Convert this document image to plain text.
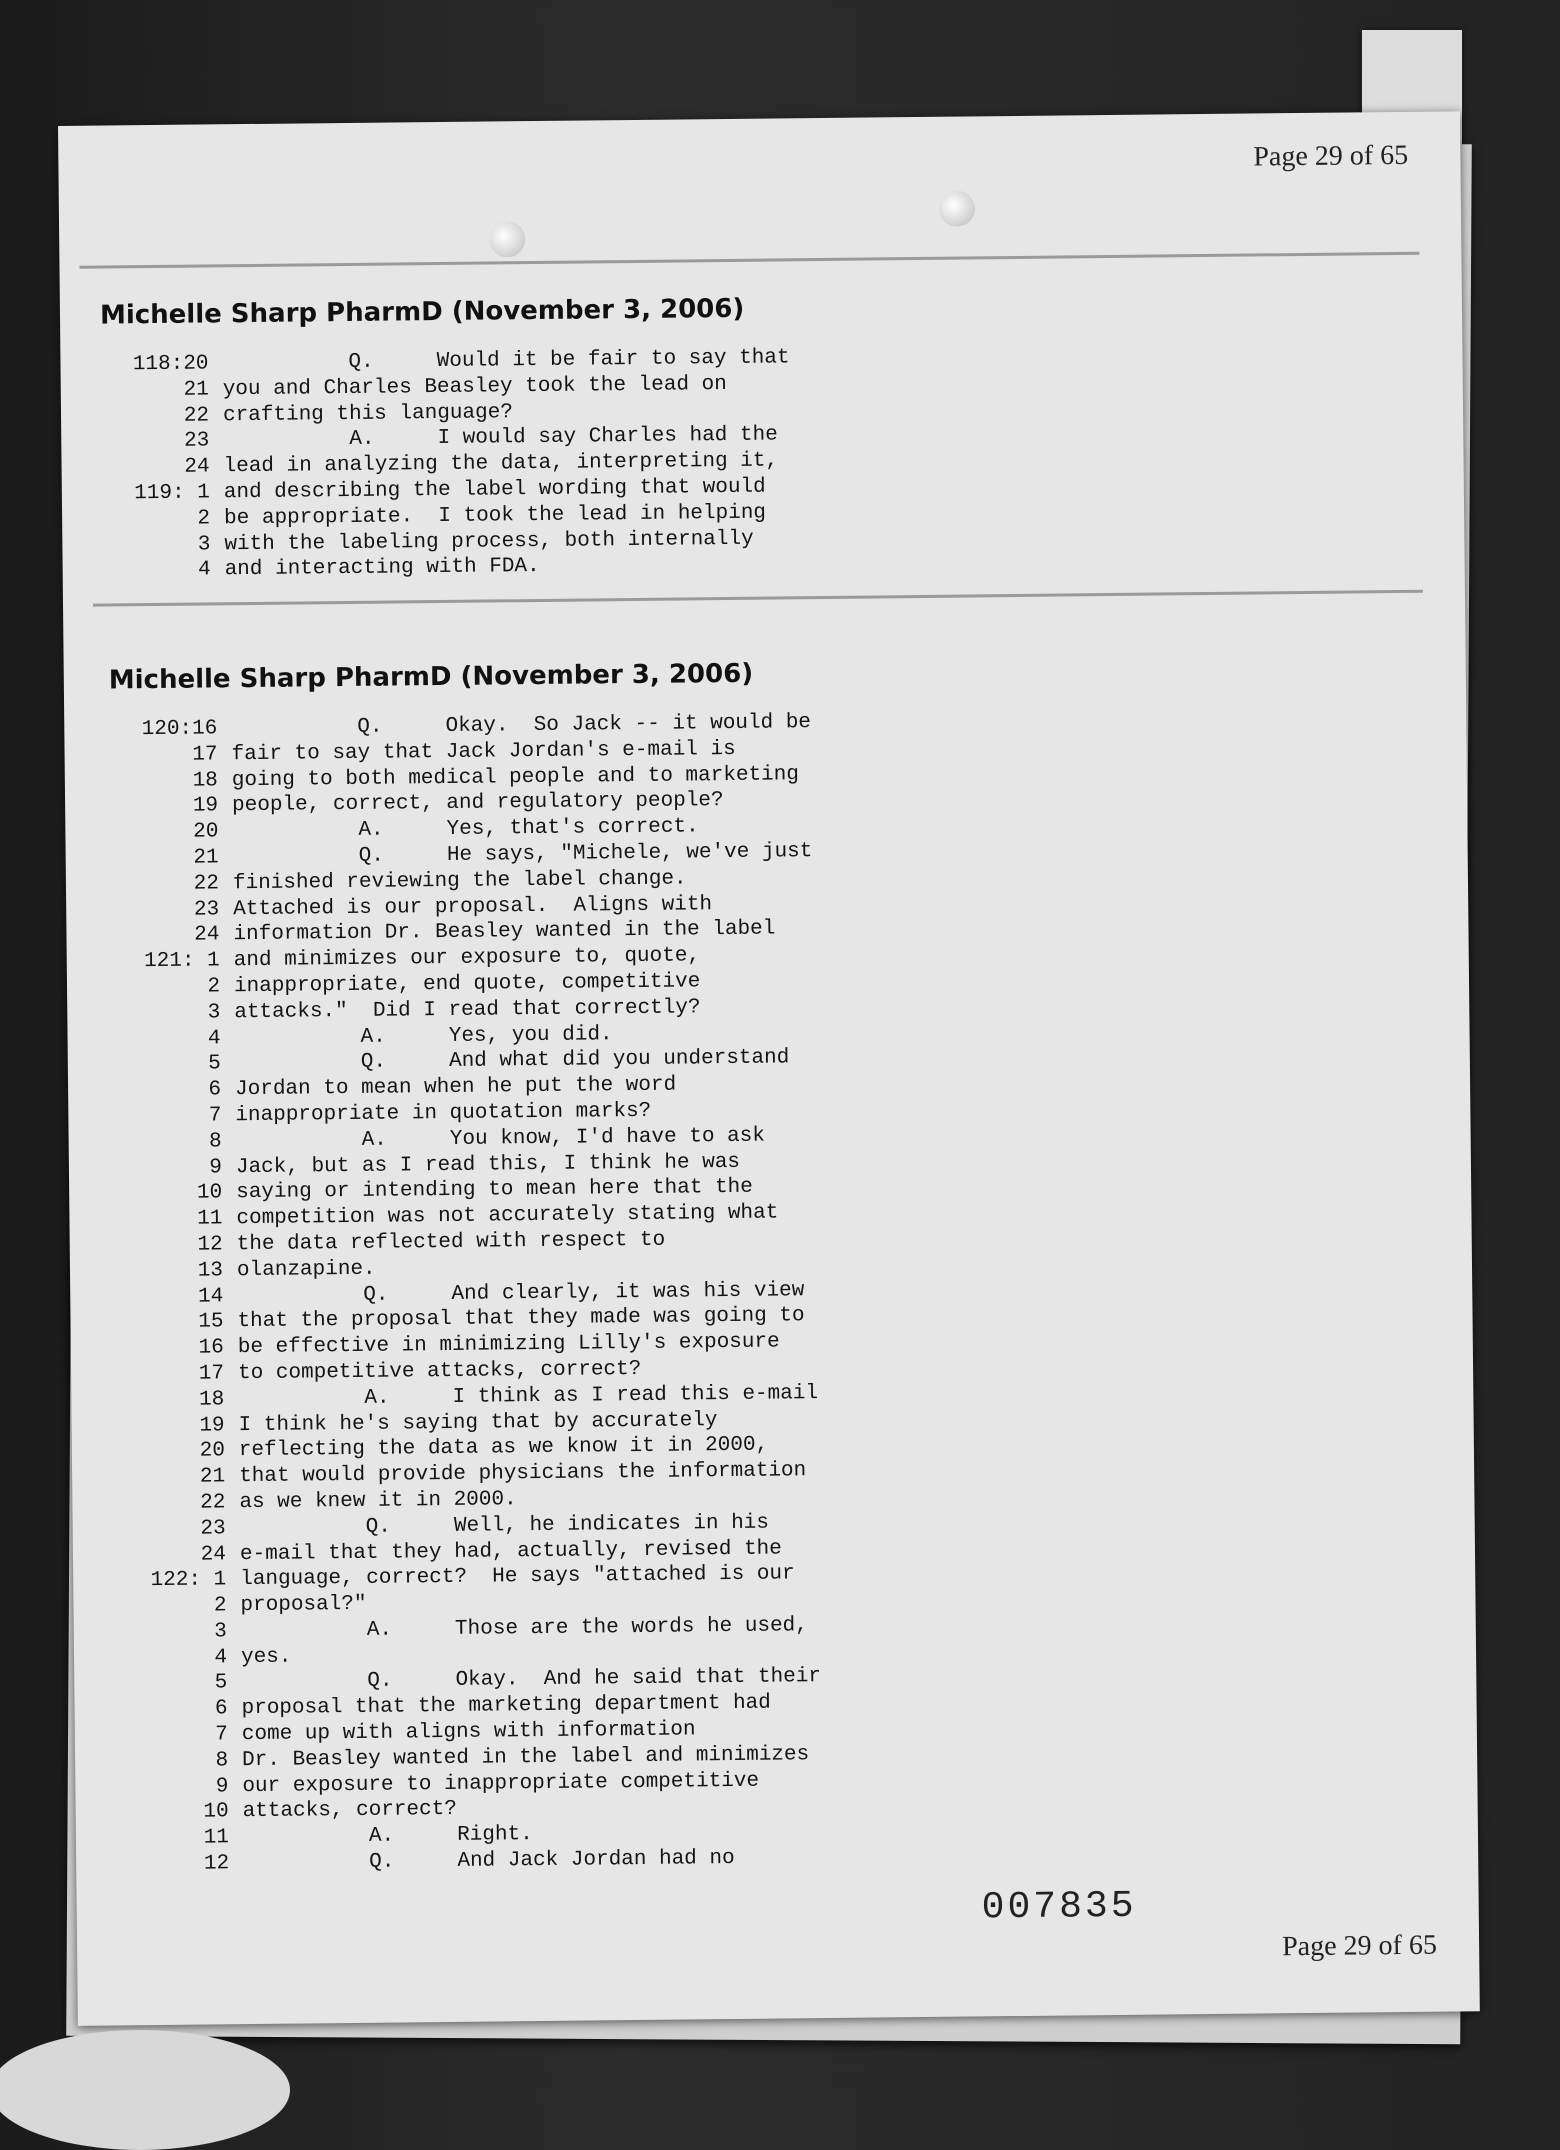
Page 29 of 65
Michelle Sharp PharmD (November 3, 2006)
118:20 Q.     Would it be fair to say that
21 you and Charles Beasley took the lead on
22 crafting this language?
23 A.     I would say Charles had the
24 lead in analyzing the data, interpreting it,
119: 1 and describing the label wording that would
2 be appropriate.  I took the lead in helping
3 with the labeling process, both internally
4 and interacting with FDA.
Michelle Sharp PharmD (November 3, 2006)
120:16 Q.     Okay.  So Jack -- it would be
17 fair to say that Jack Jordan's e-mail is
18 going to both medical people and to marketing
19 people, correct, and regulatory people?
20 A.     Yes, that's correct.
21 Q.     He says, "Michele, we've just
22 finished reviewing the label change.
23 Attached is our proposal.  Aligns with
24 information Dr. Beasley wanted in the label
121: 1 and minimizes our exposure to, quote,
2 inappropriate, end quote, competitive
3 attacks."  Did I read that correctly?
4 A.     Yes, you did.
5 Q.     And what did you understand
6 Jordan to mean when he put the word
7 inappropriate in quotation marks?
8 A.     You know, I'd have to ask
9 Jack, but as I read this, I think he was
10 saying or intending to mean here that the
11 competition was not accurately stating what
12 the data reflected with respect to
13 olanzapine.
14 Q.     And clearly, it was his view
15 that the proposal that they made was going to
16 be effective in minimizing Lilly's exposure
17 to competitive attacks, correct?
18 A.     I think as I read this e-mail
19 I think he's saying that by accurately
20 reflecting the data as we know it in 2000,
21 that would provide physicians the information
22 as we knew it in 2000.
23 Q.     Well, he indicates in his
24 e-mail that they had, actually, revised the
122: 1 language, correct?  He says "attached is our
2 proposal?"
3 A.     Those are the words he used,
4 yes.
5 Q.     Okay.  And he said that their
6 proposal that the marketing department had
7 come up with aligns with information
8 Dr. Beasley wanted in the label and minimizes
9 our exposure to inappropriate competitive
10 attacks, correct?
11 A.     Right.
12 Q.     And Jack Jordan had no
007835
Page 29 of 65
